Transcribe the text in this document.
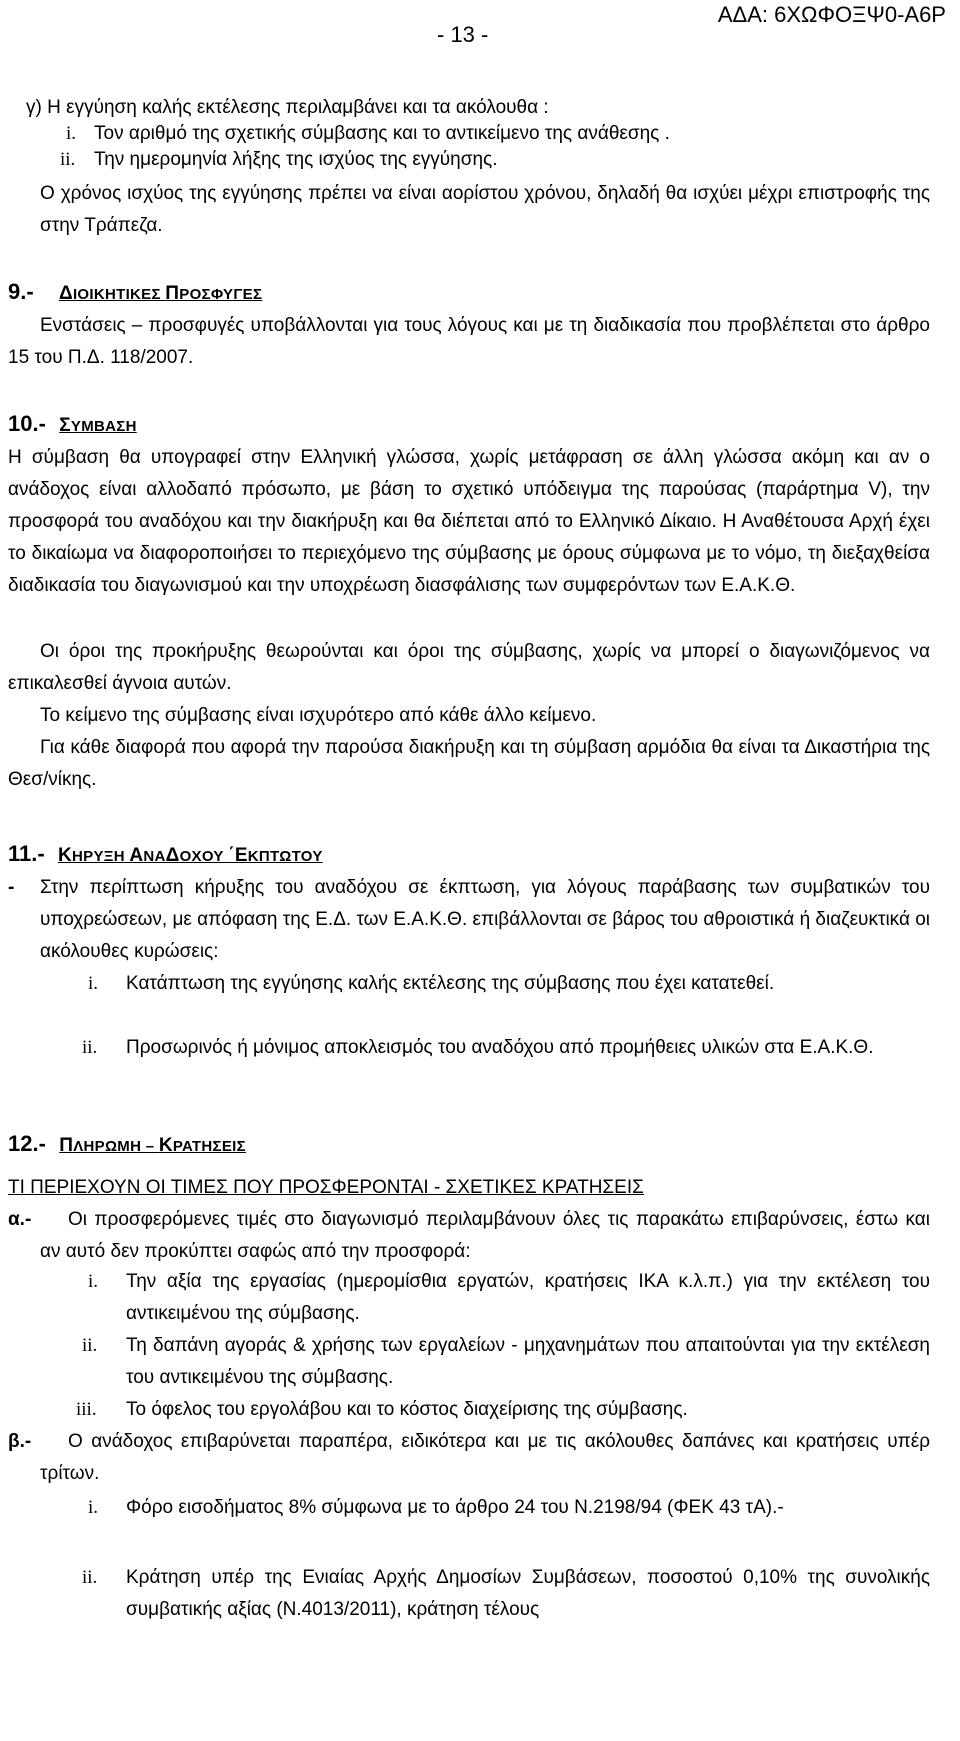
- 13 -
ΑΔΑ: 6ΧΩΦΟΞΨ0-Α6Ρ

γ) Η εγγύηση καλής εκτέλεσης περιλαμβάνει και τα ακόλουθα :

i. Τον αριθμό της σχετικής σύμβασης και το αντικείμενο της ανάθεσης .
ii. Την ημερομηνία λήξης της ισχύος της εγγύησης.

Ο χρόνος ισχύος της εγγύησης πρέπει να είναι αορίστου χρόνου, δηλαδή θα ισχύει μέχρι επιστροφής της στην Τράπεζα.

9.- ΔΙΟΙΚΗΤΙΚΕΣ ΠΡΟΣΦΥΓΕΣ

Ενστάσεις – προσφυγές υποβάλλονται για τους λόγους και με τη διαδικασία που προβλέπεται στο άρθρο 15 του Π.Δ. 118/2007.

10.- ΣΥΜΒΑΣΗ

Η σύμβαση θα υπογραφεί στην Ελληνική γλώσσα, χωρίς μετάφραση σε άλλη γλώσσα ακόμη και αν ο ανάδοχος είναι αλλοδαπό πρόσωπο, με βάση το σχετικό υπόδειγμα της παρούσας (παράρτημα V), την προσφορά του αναδόχου και την διακήρυξη και θα διέπεται από το Ελληνικό Δίκαιο. Η Αναθέτουσα Αρχή έχει το δικαίωμα να διαφοροποιήσει το περιεχόμενο της σύμβασης με όρους σύμφωνα με το νόμο, τη διεξαχθείσα διαδικασία του διαγωνισμού και την υποχρέωση διασφάλισης των συμφερόντων των Ε.Α.Κ.Θ.

Οι όροι της προκήρυξης θεωρούνται και όροι της σύμβασης, χωρίς να μπορεί ο διαγωνιζόμενος να επικαλεσθεί άγνοια αυτών.

Το κείμενο της σύμβασης είναι ισχυρότερο από κάθε άλλο κείμενο.

Για κάθε διαφορά που αφορά την παρούσα διακήρυξη και τη σύμβαση αρμόδια θα είναι τα Δικαστήρια της Θεσ/νίκης.

11.- ΚΗΡΥΞΗ ΑΝΑΔΟΧΟΥ ΄ΕΚΠΤΩΤΟΥ
- Στην περίπτωση κήρυξης του αναδόχου σε έκπτωση, για λόγους παράβασης των συμβατικών του υποχρεώσεων, με απόφαση της Ε.Δ. των Ε.Α.Κ.Θ. επιβάλλονται σε βάρος του αθροιστικά ή διαζευκτικά οι ακόλουθες κυρώσεις:

i. Κατάπτωση της εγγύησης καλής εκτέλεσης της σύμβασης που έχει κατατεθεί.
ii. Προσωρινός ή μόνιμος αποκλεισμός του αναδόχου από προμήθειες υλικών στα Ε.Α.Κ.Θ.
12.- ΠΛΗΡΩΜΗ – ΚΡΑΤΗΣΕΙΣ

ΤΙ ΠΕΡΙΕΧΟΥΝ ΟΙ ΤΙΜΕΣ ΠΟΥ ΠΡΟΣΦΕΡΟΝΤΑΙ - ΣΧΕΤΙΚΕΣ ΚΡΑΤΗΣΕΙΣ

α.-	Οι προσφερόμενες τιμές στο διαγωνισμό περιλαμβάνουν όλες τις παρακάτω επιβαρύνσεις, έστω και αν αυτό δεν προκύπτει σαφώς από την προσφορά:

i. Την αξία της εργασίας (ημερομίσθια εργατών, κρατήσεις ΙΚΑ κ.λ.π.) για την εκτέλεση του αντικειμένου της σύμβασης.
ii. Τη δαπάνη αγοράς & χρήσης των εργαλείων - μηχανημάτων που απαιτούνται για την εκτέλεση του αντικειμένου της σύμβασης.
iii. Το όφελος του εργολάβου και το κόστος διαχείρισης της σύμβασης.
β.-	Ο ανάδοχος επιβαρύνεται παραπέρα, ειδικότερα και με τις ακόλουθες δαπάνες και κρατήσεις υπέρ τρίτων.

i. Φόρο εισοδήματος 8% σύμφωνα με το άρθρο 24 του Ν.2198/94 (ΦΕΚ 43 τΑ).-
ii. Κράτηση υπέρ της Ενιαίας Αρχής Δημοσίων Συμβάσεων, ποσοστού 0,10% της συνολικής συμβατικής αξίας (Ν.4013/2011), κράτηση τέλους
